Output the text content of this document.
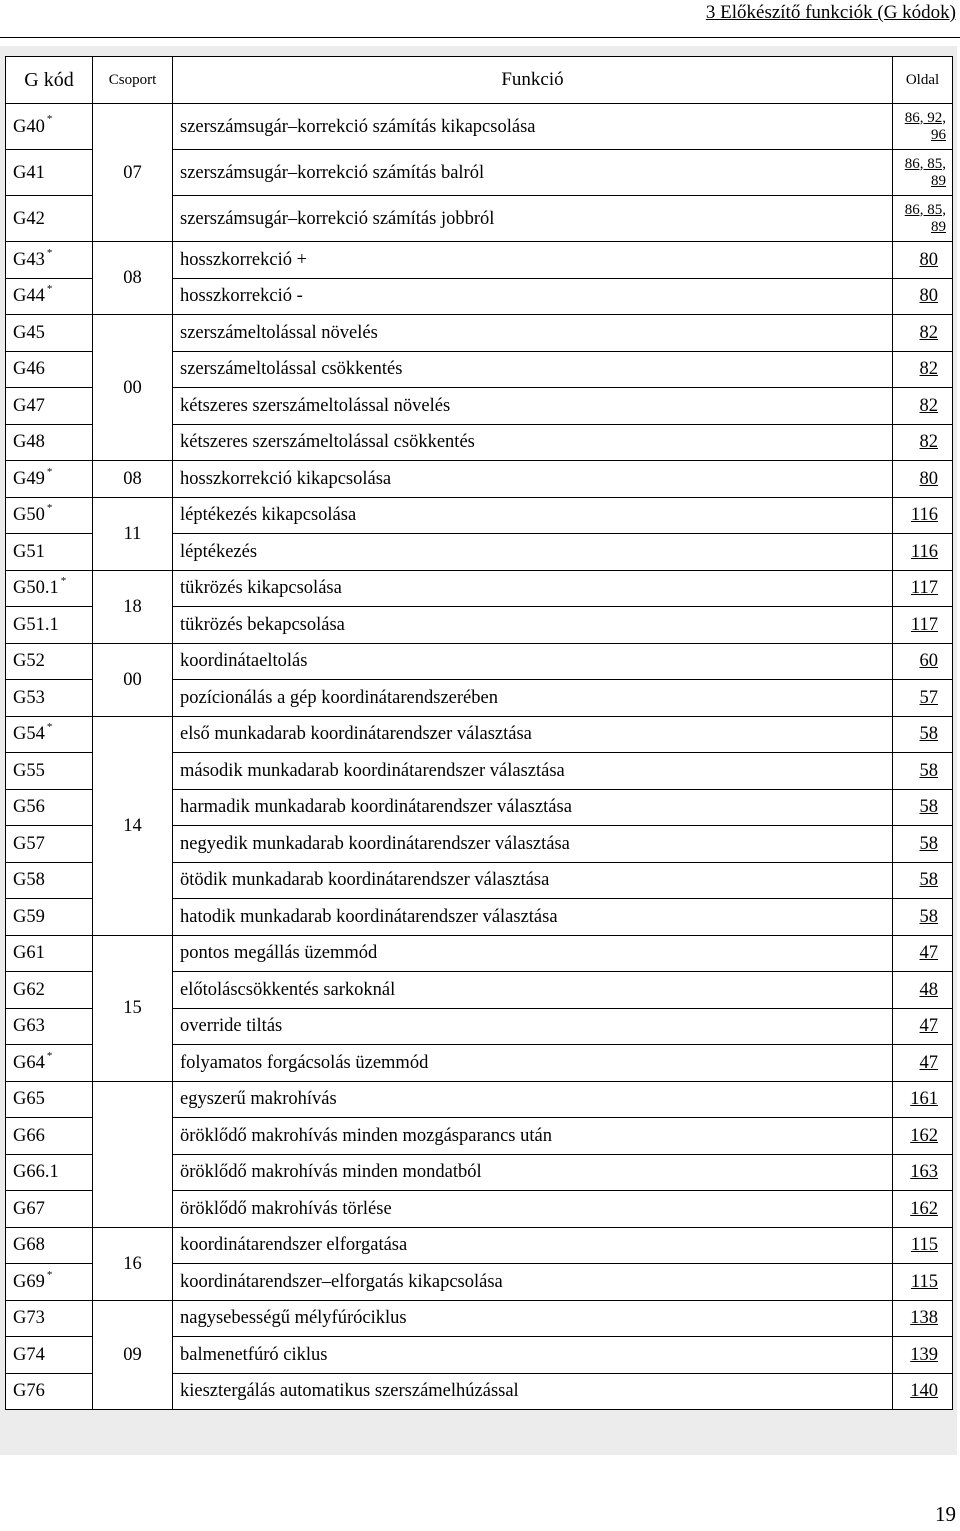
3 Előkészítő funkciók (G kódok)
G kód	Csoport	Funkció	Oldal
G40 *	07	szerszámsugár–korrekció számítás kikapcsolása	86, 92, 96
G41		szerszámsugár–korrekció számítás balról	86, 85, 89
G42		szerszámsugár–korrekció számítás jobbról	86, 85, 89
G43 *	08	hosszkorrekció +	80
G44 *		hosszkorrekció -	80
G45	00	szerszámeltolással növelés	82
G46		szerszámeltolással csökkentés	82
G47		kétszeres szerszámeltolással növelés	82
G48		kétszeres szerszámeltolással csökkentés	82
G49 *	08	hosszkorrekció kikapcsolása	80
G50 *	11	léptékezés kikapcsolása	116
G51		léptékezés	116
G50.1 *	18	tükrözés kikapcsolása	117
G51.1		tükrözés bekapcsolása	117
G52	00	koordinátaeltolás	60
G53		pozícionálás a gép koordinátarendszerében	57
G54 *	14	első munkadarab koordinátarendszer választása	58
G55		második munkadarab koordinátarendszer választása	58
G56		harmadik munkadarab koordinátarendszer választása	58
G57		negyedik munkadarab koordinátarendszer választása	58
G58		ötödik munkadarab koordinátarendszer választása	58
G59		hatodik munkadarab koordinátarendszer választása	58
G61	15	pontos megállás üzemmód	47
G62		előtoláscsökkentés sarkoknál	48
G63		override tiltás	47
G64 *		folyamatos forgácsolás üzemmód	47
G65		egyszerű makrohívás	161
G66		öröklődő makrohívás minden mozgásparancs után	162
G66.1		öröklődő makrohívás minden mondatból	163
G67		öröklődő makrohívás törlése	162
G68	16	koordinátarendszer elforgatása	115
G69 *		koordinátarendszer–elforgatás kikapcsolása	115
G73	09	nagysebességű mélyfúróciklus	138
G74		balmenetfúró ciklus	139
G76		kiesztergálás automatikus szerszámelhúzással	140
19
